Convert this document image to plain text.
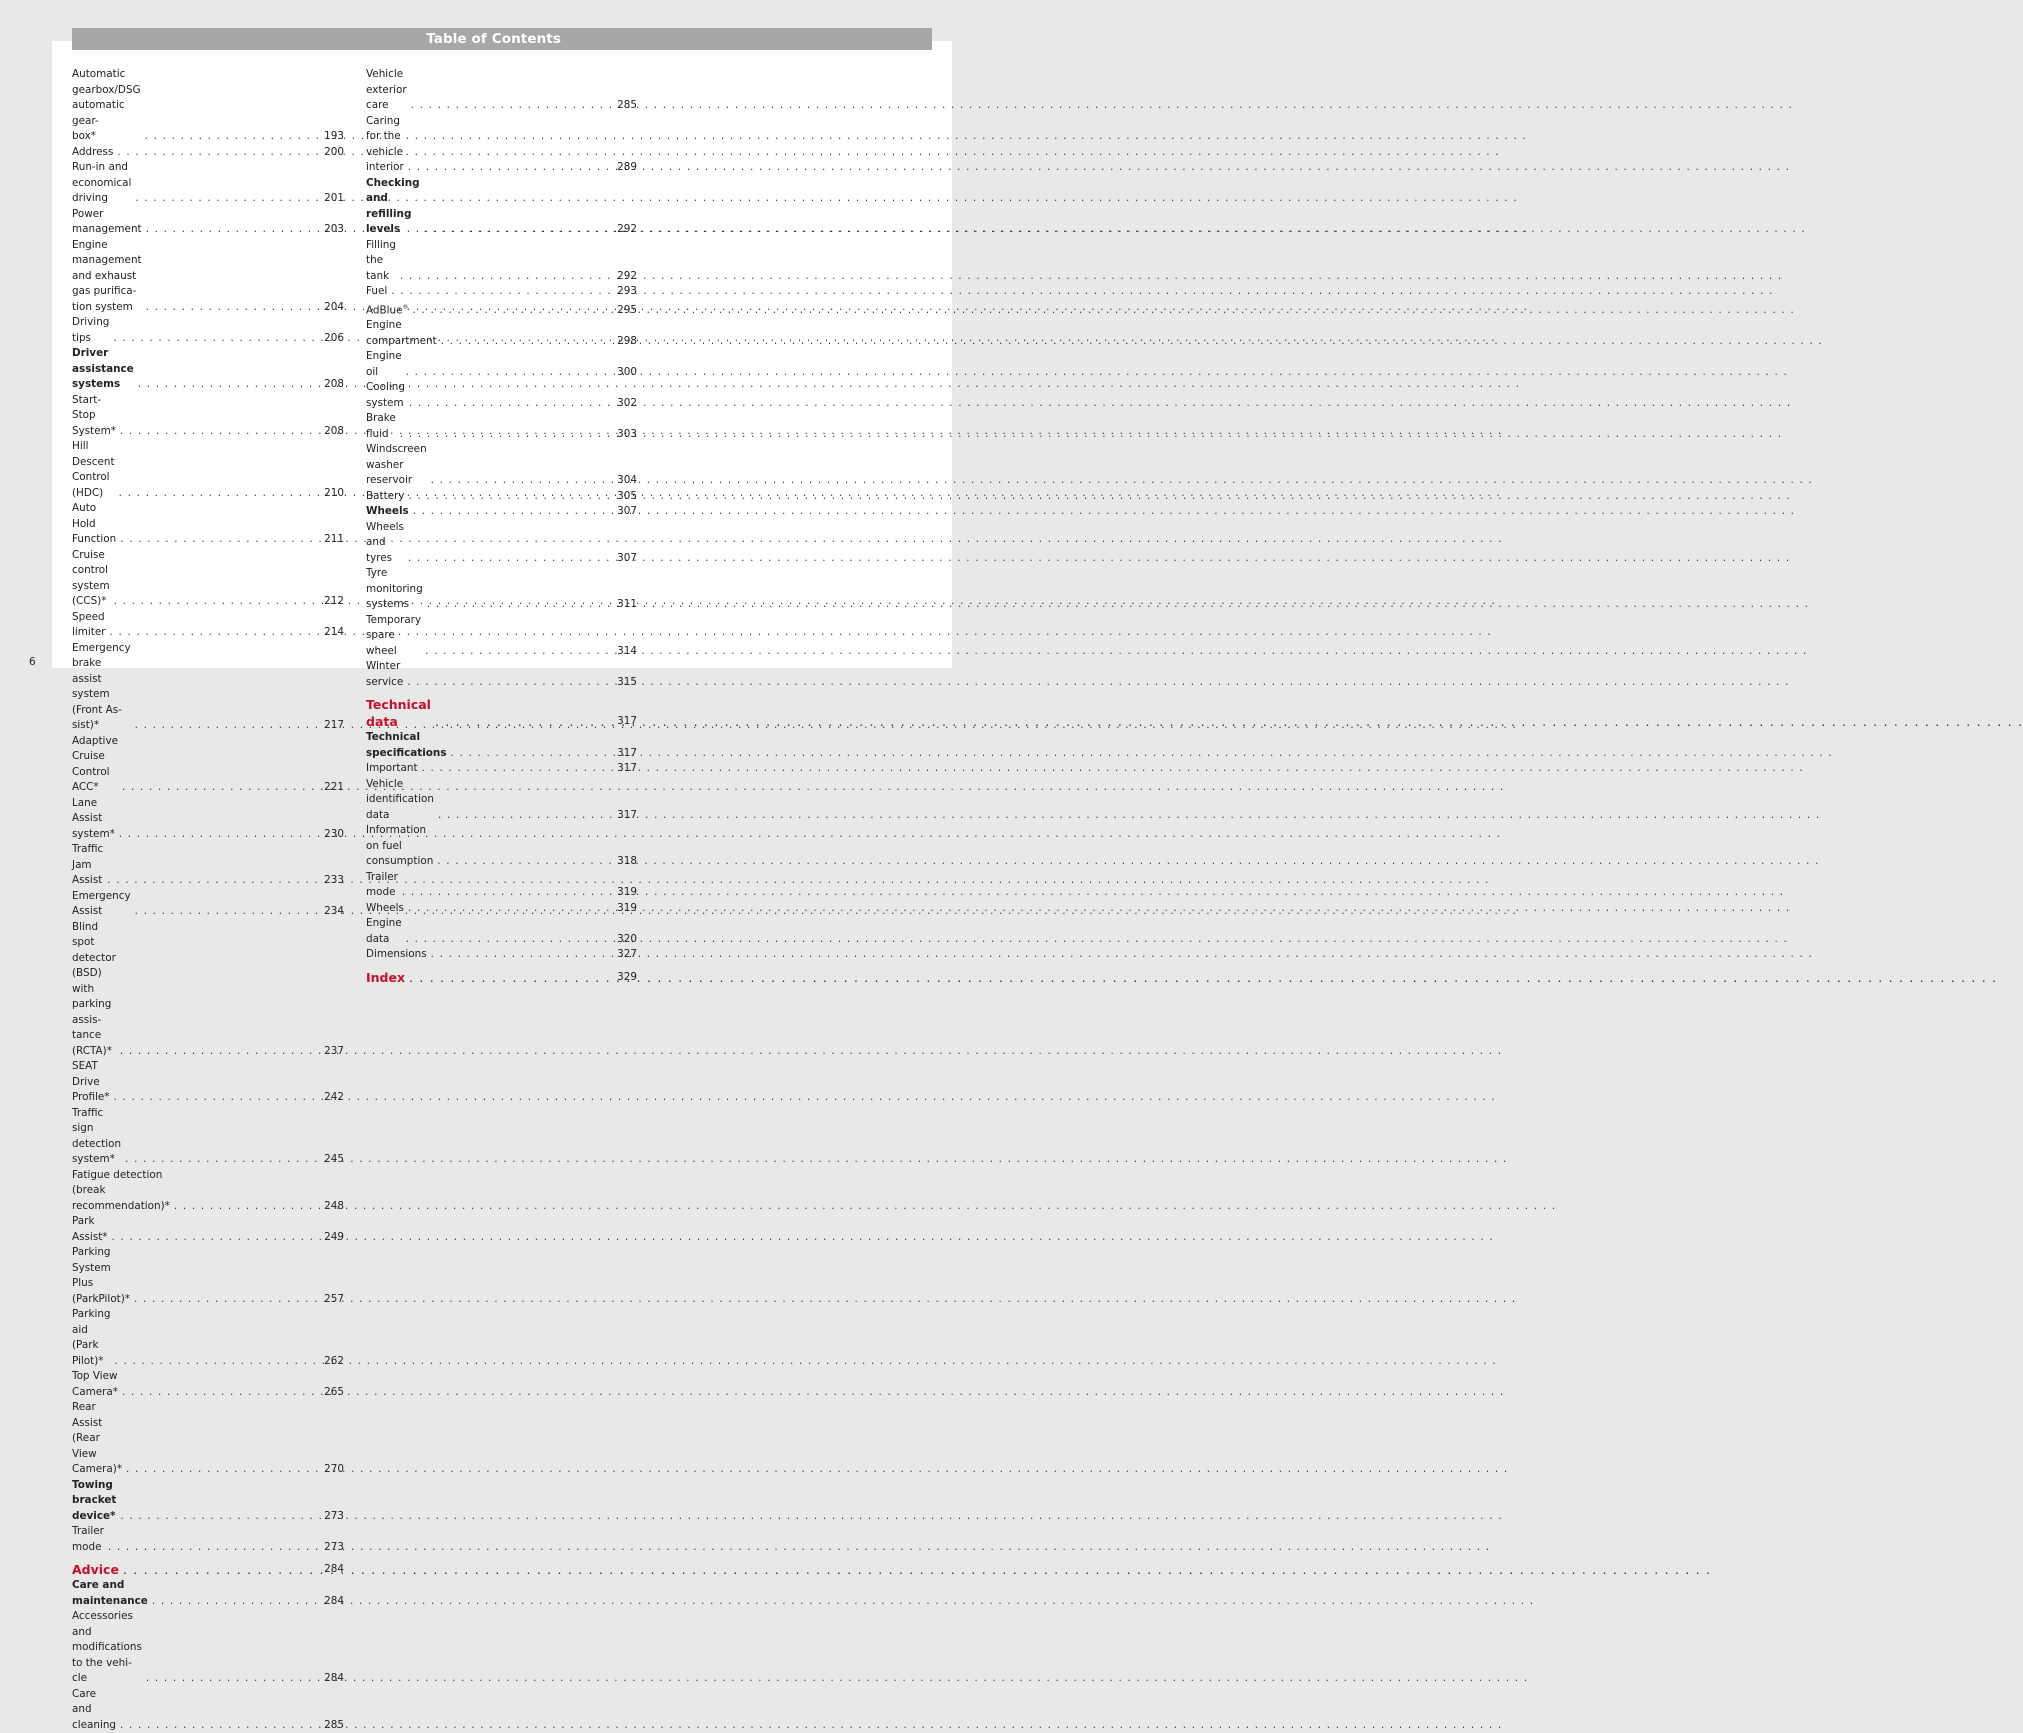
Table of Contents
Automatic gearbox/DSG automatic gear-
box* . . .	193
Address . . .	200
Run-in and economical driving . . .	201
Power management . . .	203
Engine management and exhaust gas purifica-
tion system . . .	204
Driving tips . . .	206
Driver assistance systems . . .	208
Start-Stop System* . . .	208
Hill Descent Control (HDC) . . .	210
Auto Hold Function . . .	211
Cruise control system (CCS)* . . .	212
Speed limiter . . .	214
Emergency brake assist system (Front As-
sist)* . . .	217
Adaptive Cruise Control ACC* . . .	221
Lane Assist system* . . .	230
Traffic Jam Assist . . .	233
Emergency Assist . . .	234
Blind spot detector (BSD) with parking assis-
tance (RCTA)* . . .	237
SEAT Drive Profile* . . .	242
Traffic sign detection system* . . .	245
Fatigue detection (break recommendation)* . . .	248
Park Assist* . . .	249
Parking System Plus (ParkPilot)* . . .	257
Parking aid (Park Pilot)* . . .	262
Top View Camera* . . .	265
Rear Assist (Rear View Camera)* . . .	270
Towing bracket device* . . .	273
Trailer mode . . .	273
Advice . . .	284
Care and maintenance . . .	284
Accessories and modifications to the vehi-
cle . . .	284
Care and cleaning . . .	285
Vehicle exterior care . . .	285
Caring for the vehicle interior . . .	289
Checking and refilling levels . . .	292
Filling the tank . . .	292
Fuel . . .	293
AdBlue® . . .	295
Engine compartment . . .	298
Engine oil . . .	300
Cooling system . . .	302
Brake fluid . . .	303
Windscreen washer reservoir . . .	304
Battery . . .	305
Wheels . . .	307
Wheels and tyres . . .	307
Tyre monitoring systems . . .	311
Temporary spare wheel . . .	314
Winter service . . .	315
Technical data . . .	317
Technical specifications . . .	317
Important . . .	317
Vehicle identification data . . .	317
Information on fuel consumption . . .	318
Trailer mode . . .	319
Wheels . . .	319
Engine data . . .	320
Dimensions . . .	327
Index . . .	329
6
